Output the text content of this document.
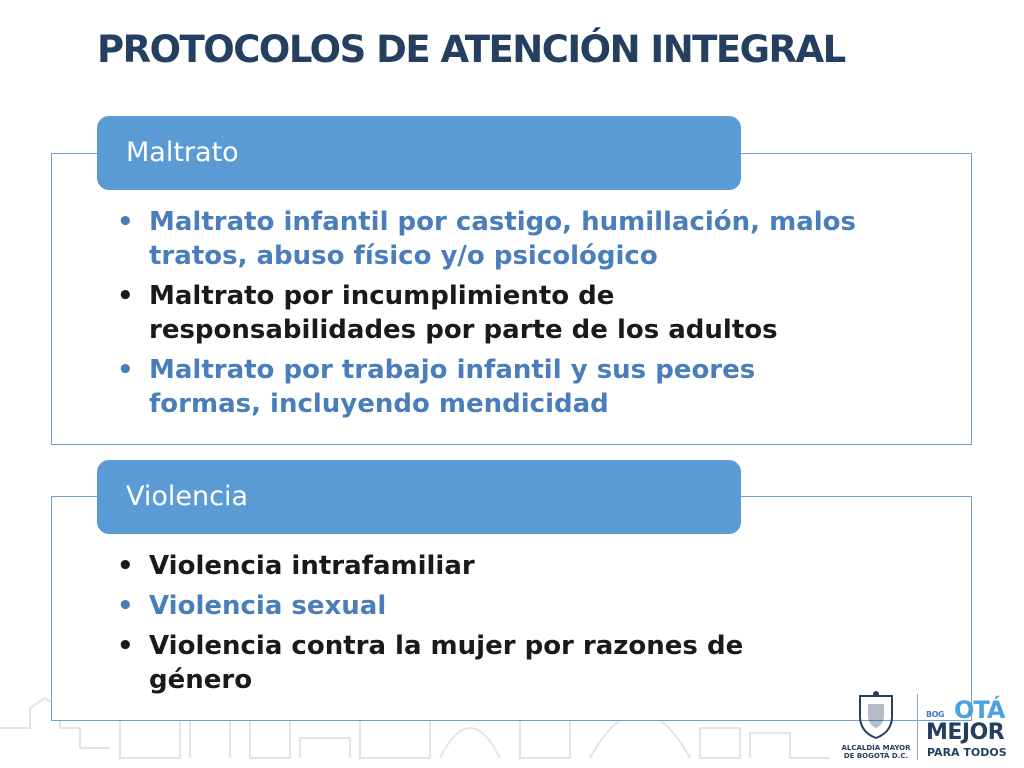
PROTOCOLOS DE ATENCIÓN INTEGRAL
Maltrato
• Maltrato infantil por castigo, humillación, malos
tratos, abuso físico y/o psicológico
• Maltrato por incumplimiento de
responsabilidades por parte de los adultos
• Maltrato por trabajo infantil y sus peores
formas, incluyendo mendicidad
Violencia
• Violencia intrafamiliar
• Violencia sexual
• Violencia contra la mujer por razones de
género
ALCALDÍA MAYOR
DE BOGOTÁ D.C.
BOG OTÁ
MEJOR
PARA TODOS
